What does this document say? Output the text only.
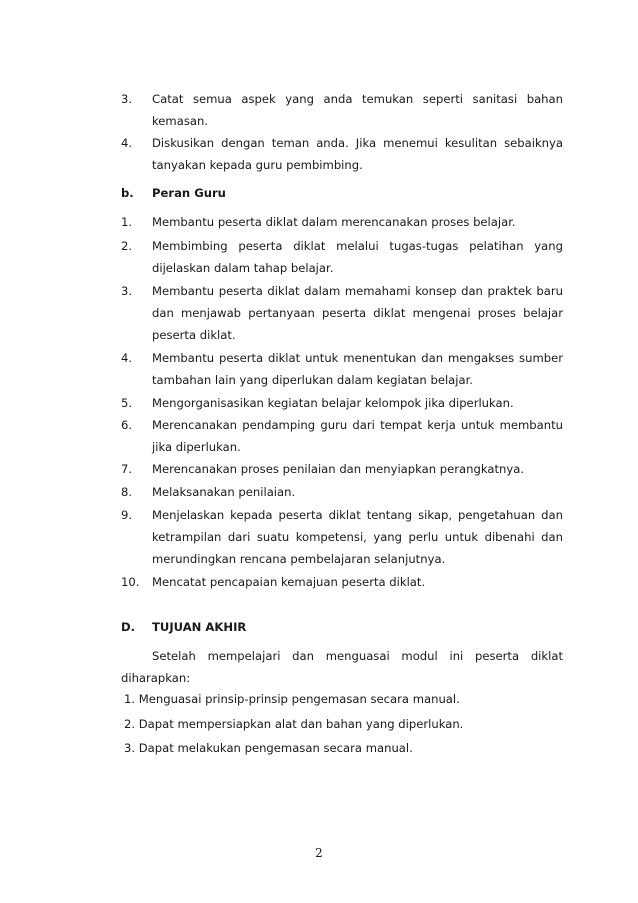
3. Catat semua aspek yang anda temukan seperti sanitasi bahan
kemasan.
4. Diskusikan dengan teman anda. Jika menemui kesulitan sebaiknya
tanyakan kepada guru pembimbing.
b. Peran Guru
1. Membantu peserta diklat dalam merencanakan proses belajar.
2. Membimbing peserta diklat melalui tugas-tugas pelatihan yang
dijelaskan dalam tahap belajar.
3. Membantu peserta diklat dalam memahami konsep dan praktek baru
dan menjawab pertanyaan peserta diklat mengenai proses belajar
peserta diklat.
4. Membantu peserta diklat untuk menentukan dan mengakses sumber
tambahan lain yang diperlukan dalam kegiatan belajar.
5. Mengorganisasikan kegiatan belajar kelompok jika diperlukan.
6. Merencanakan pendamping guru dari tempat kerja untuk membantu
jika diperlukan.
7. Merencanakan proses penilaian dan menyiapkan perangkatnya.
8. Melaksanakan penilaian.
9. Menjelaskan kepada peserta diklat tentang sikap, pengetahuan dan
ketrampilan dari suatu kompetensi, yang perlu untuk dibenahi dan
merundingkan rencana pembelajaran selanjutnya.
10. Mencatat pencapaian kemajuan peserta diklat.
D. TUJUAN AKHIR
Setelah mempelajari dan menguasai modul ini peserta diklat
diharapkan:
1. Menguasai prinsip-prinsip pengemasan secara manual.
2. Dapat mempersiapkan alat dan bahan yang diperlukan.
3. Dapat melakukan pengemasan secara manual.
2
